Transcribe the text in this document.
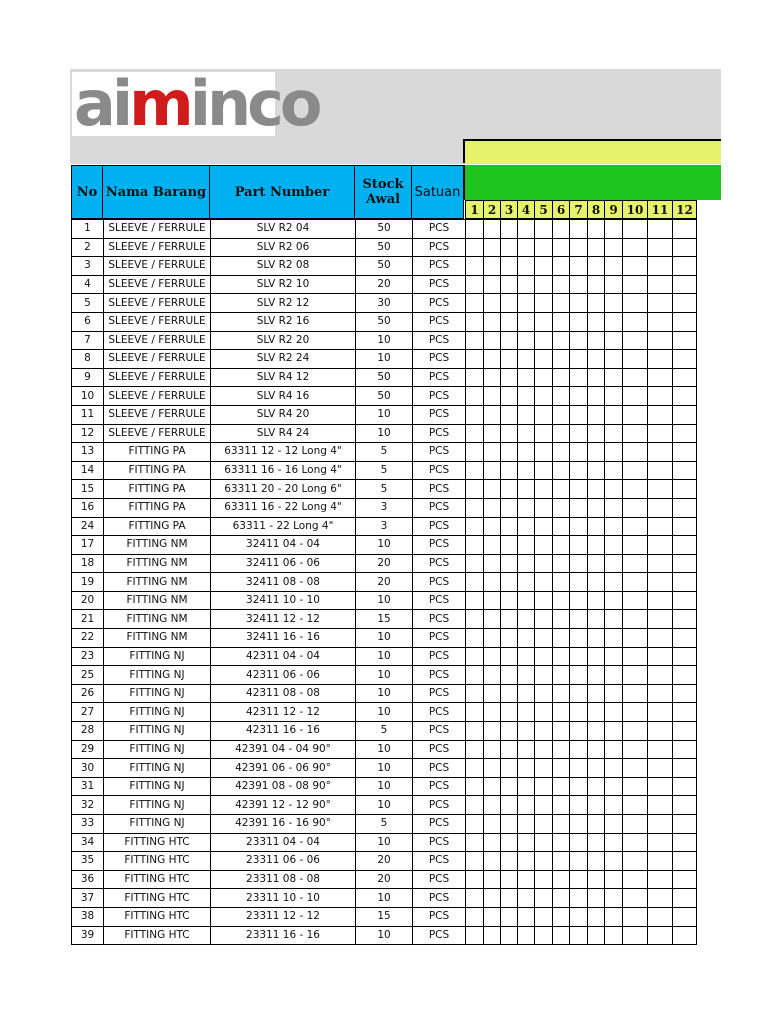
aiminco
No Nama Barang	Part Number	Stock Awal	Satuan
1 2 3 4 5 6 7 8 9 10 11 12
1	SLEEVE / FERRULE	SLV R2 04	50	PCS												
2	SLEEVE / FERRULE	SLV R2 06	50	PCS												
3	SLEEVE / FERRULE	SLV R2 08	50	PCS												
4	SLEEVE / FERRULE	SLV R2 10	20	PCS												
5	SLEEVE / FERRULE	SLV R2 12	30	PCS												
6	SLEEVE / FERRULE	SLV R2 16	50	PCS												
7	SLEEVE / FERRULE	SLV R2 20	10	PCS												
8	SLEEVE / FERRULE	SLV R2 24	10	PCS												
9	SLEEVE / FERRULE	SLV R4 12	50	PCS												
10	SLEEVE / FERRULE	SLV R4 16	50	PCS												
11	SLEEVE / FERRULE	SLV R4 20	10	PCS												
12	SLEEVE / FERRULE	SLV R4 24	10	PCS												
13	FITTING PA	63311 12 - 12 Long 4"	5	PCS												
14	FITTING PA	63311 16 - 16 Long 4"	5	PCS												
15	FITTING PA	63311 20 - 20 Long 6"	5	PCS												
16	FITTING PA	63311 16 - 22 Long 4"	3	PCS												
24	FITTING PA	63311 - 22 Long 4"	3	PCS												
17	FITTING NM	32411 04 - 04	10	PCS												
18	FITTING NM	32411 06 - 06	20	PCS												
19	FITTING NM	32411 08 - 08	20	PCS												
20	FITTING NM	32411 10 - 10	10	PCS												
21	FITTING NM	32411 12 - 12	15	PCS												
22	FITTING NM	32411 16 - 16	10	PCS												
23	FITTING NJ	42311 04 - 04	10	PCS												
25	FITTING NJ	42311 06 - 06	10	PCS												
26	FITTING NJ	42311 08 - 08	10	PCS												
27	FITTING NJ	42311 12 - 12	10	PCS												
28	FITTING NJ	42311 16 - 16	5	PCS												
29	FITTING NJ	42391 04 - 04 90°	10	PCS												
30	FITTING NJ	42391 06 - 06 90°	10	PCS												
31	FITTING NJ	42391 08 - 08 90°	10	PCS												
32	FITTING NJ	42391 12 - 12 90°	10	PCS												
33	FITTING NJ	42391 16 - 16 90°	5	PCS												
34	FITTING HTC	23311 04 - 04	10	PCS												
35	FITTING HTC	23311 06 - 06	20	PCS												
36	FITTING HTC	23311 08 - 08	20	PCS												
37	FITTING HTC	23311 10 - 10	10	PCS												
38	FITTING HTC	23311 12 - 12	15	PCS												
39	FITTING HTC	23311 16 - 16	10	PCS												
